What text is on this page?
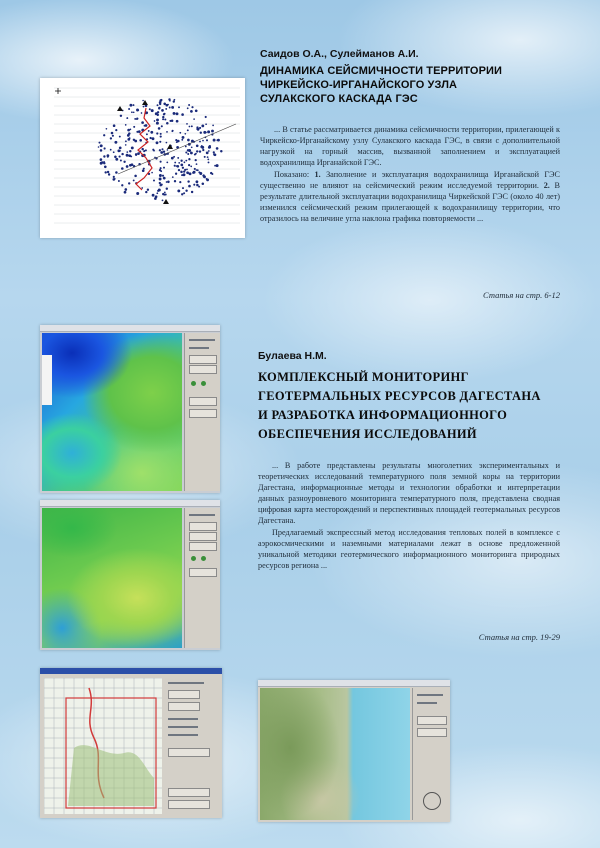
Саидов О.А., Сулейманов А.И.
ДИНАМИКА СЕЙСМИЧНОСТИ ТЕРРИТОРИИ
ЧИРКЕЙСКО-ИРГАНАЙСКОГО УЗЛА
СУЛАКСКОГО КАСКАДА ГЭС

... В статье рассматривается динамика сейсмичности территории, прилегающей к Чиркейско-Ирганайскому узлу Сулакского каскада ГЭС, в связи с дополнительной нагрузкой на горный массив, вызванной заполнением и эксплуатацией водохранилища Ирганайской ГЭС.

Показано: 1. Заполнение и эксплуатация водохранилища Ирганайской ГЭС существенно не влияют на сейсмический режим исследуемой территории. 2. В результате длительной эксплуатации водохранилища Чиркейской ГЭС (около 40 лет) изменился сейсмический режим прилегающей к водохранилищу территории, что отразилось на величине угла наклона графика повторяемости ...

Статья на стр. 6-12
Булаева Н.М.
КОМПЛЕКСНЫЙ МОНИТОРИНГ
ГЕОТЕРМАЛЬНЫХ РЕСУРСОВ ДАГЕСТАНА
И РАЗРАБОТКА ИНФОРМАЦИОННОГО
ОБЕСПЕЧЕНИЯ ИССЛЕДОВАНИЙ

... В работе представлены результаты многолетних экспериментальных и теоретических исследований температурного поля земной коры на территории Дагестана, информационные методы и технологии обработки и интерпретации данных разноуровневого мониторинга температурного поля, представлена сводная цифровая карта месторождений и перспективных площадей геотермальных ресурсов Дагестана.

Предлагаемый экспрессный метод исследования тепловых полей в комплексе с аэрокосмическими и наземными материалами лежат в основе предложенной уникальной методики геотермического информационного мониторинга природных ресурсов региона ...

Статья на стр. 19-29
